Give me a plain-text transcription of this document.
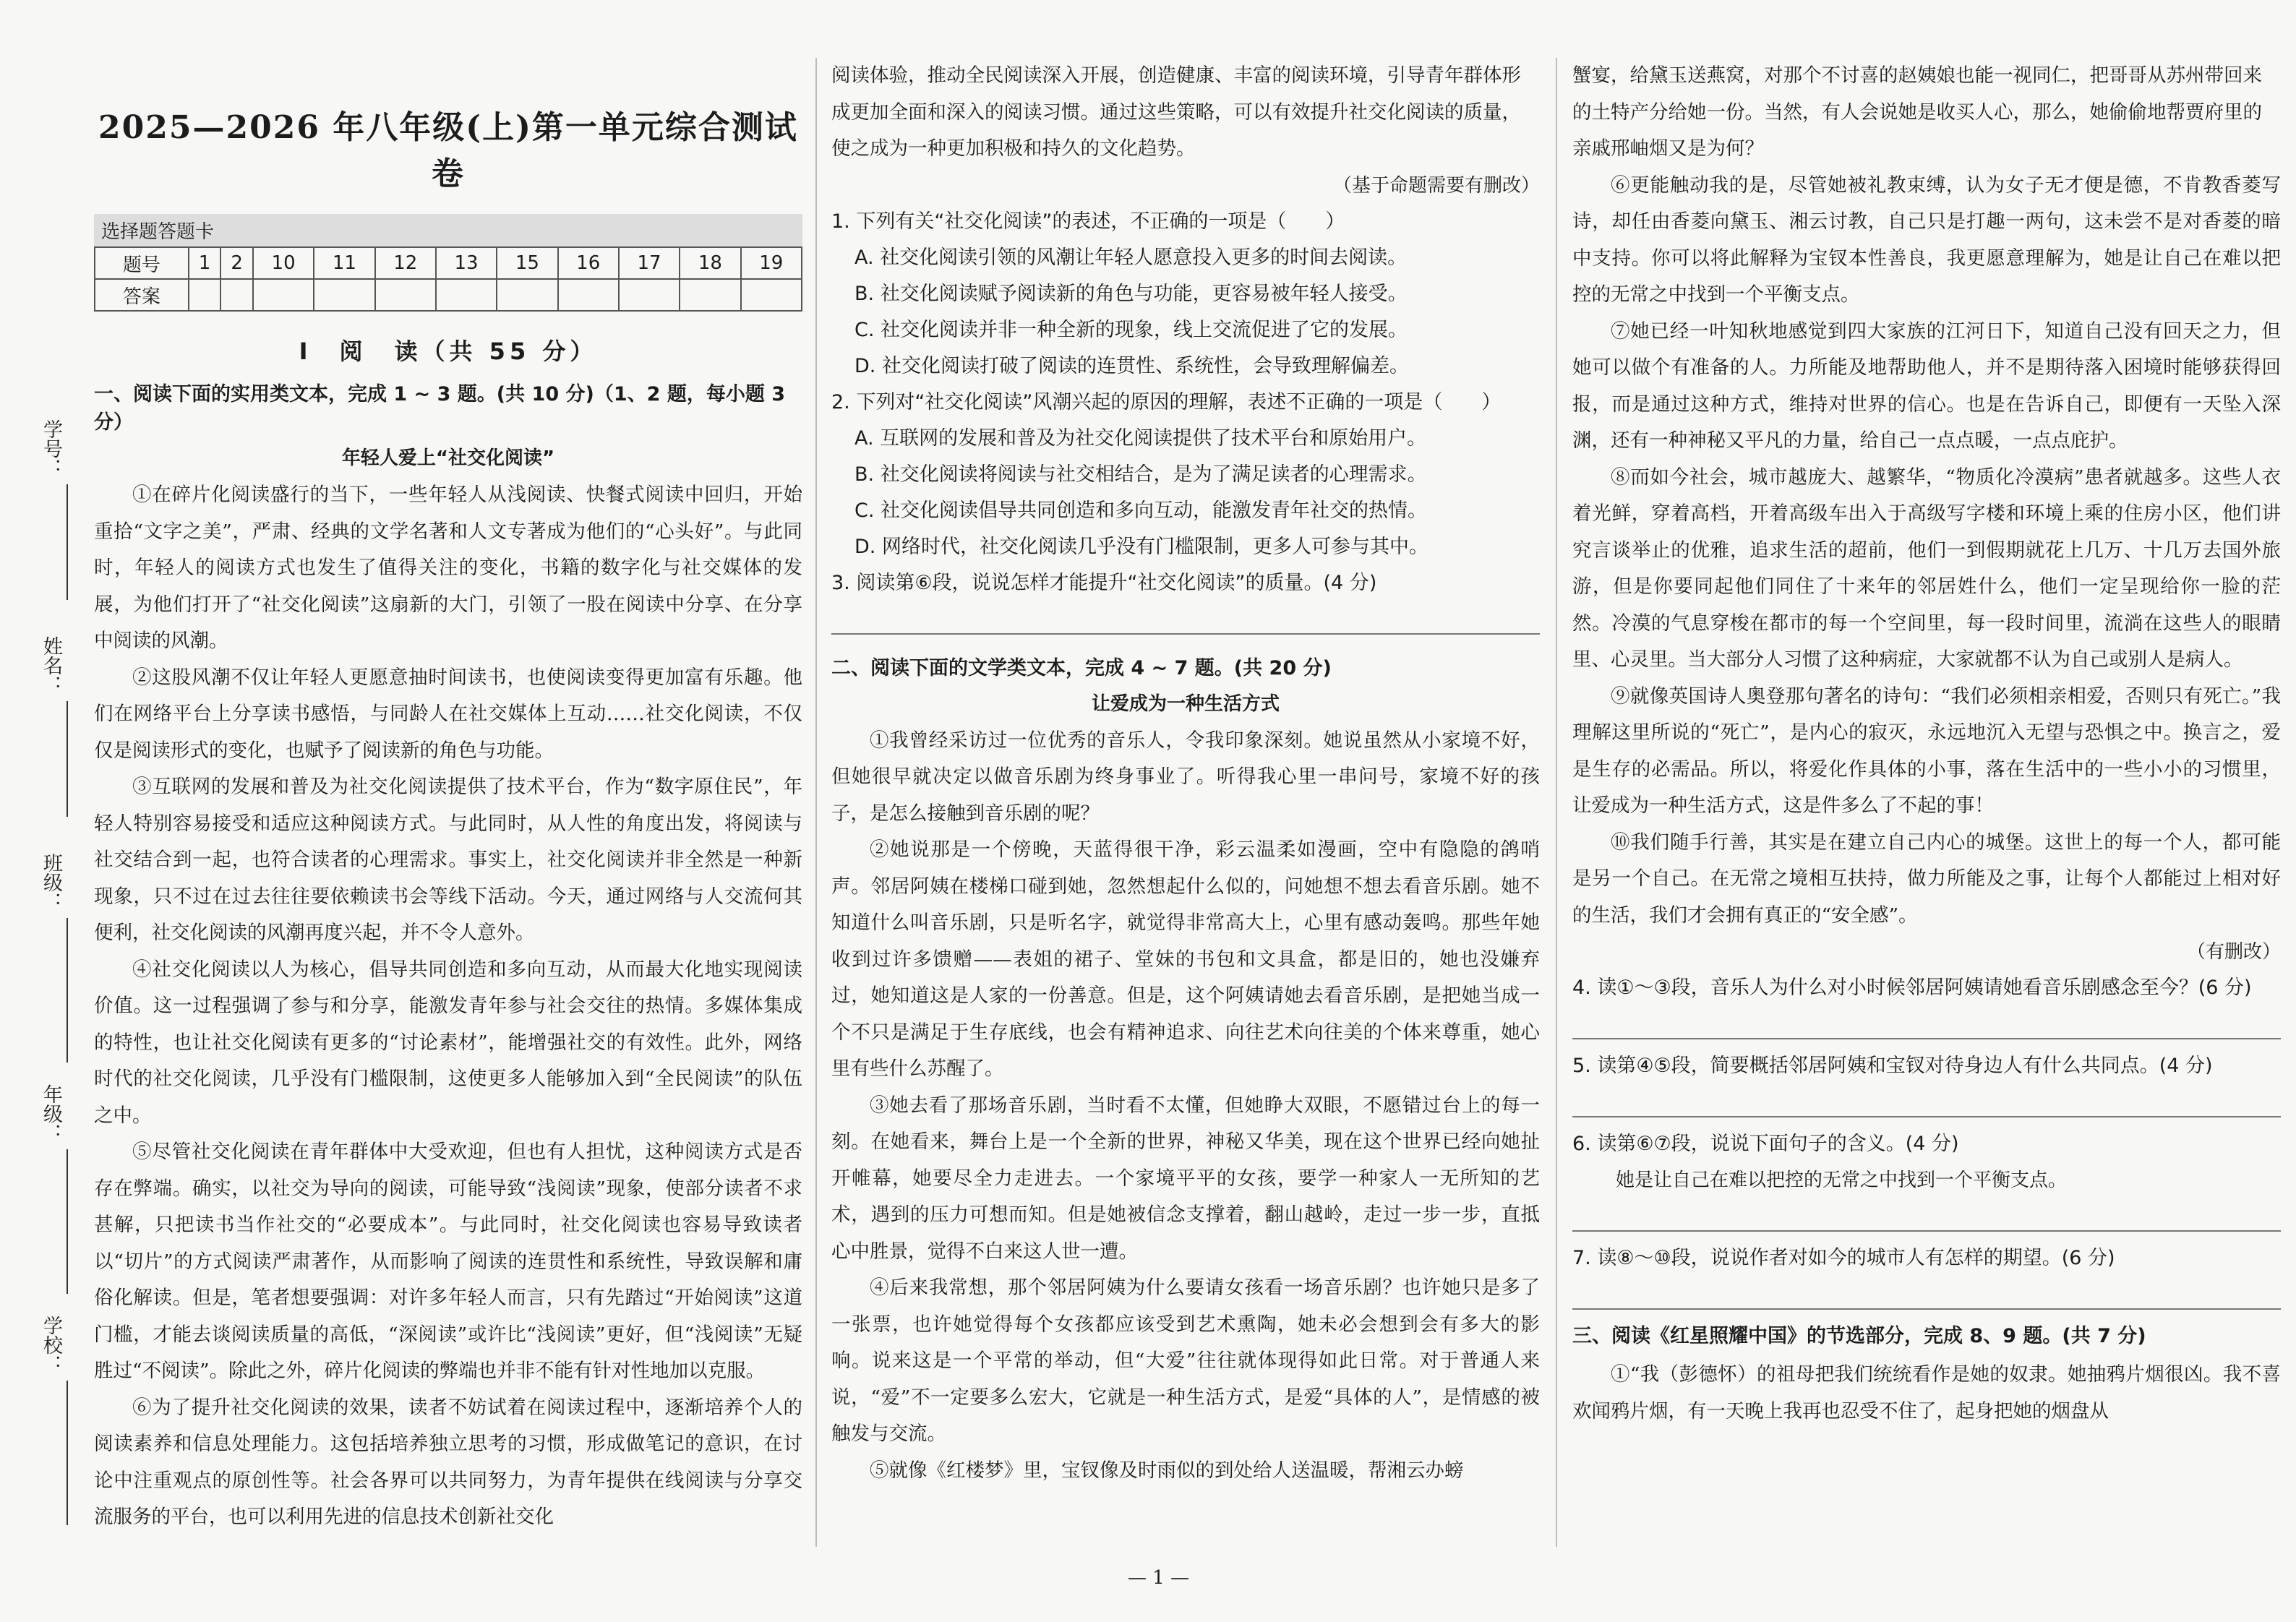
学号：
姓名：
班级：
年级：
学校：
2025—2026 年八年级(上)第一单元综合测试卷
选择题答题卡
题号	1	2	10	11	12	13	15	16	17	18	19
答案											
Ⅰ　阅　读（共 55 分）
一、阅读下面的实用类文本，完成 1 ~ 3 题。(共 10 分)（1、2 题，每小题 3 分）
年轻人爱上“社交化阅读”

①在碎片化阅读盛行的当下，一些年轻人从浅阅读、快餐式阅读中回归，开始重拾“文字之美”，严肃、经典的文学名著和人文专著成为他们的“心头好”。与此同时，年轻人的阅读方式也发生了值得关注的变化，书籍的数字化与社交媒体的发展，为他们打开了“社交化阅读”这扇新的大门，引领了一股在阅读中分享、在分享中阅读的风潮。

②这股风潮不仅让年轻人更愿意抽时间读书，也使阅读变得更加富有乐趣。他们在网络平台上分享读书感悟，与同龄人在社交媒体上互动……社交化阅读，不仅仅是阅读形式的变化，也赋予了阅读新的角色与功能。

③互联网的发展和普及为社交化阅读提供了技术平台，作为“数字原住民”，年轻人特别容易接受和适应这种阅读方式。与此同时，从人性的角度出发，将阅读与社交结合到一起，也符合读者的心理需求。事实上，社交化阅读并非全然是一种新现象，只不过在过去往往要依赖读书会等线下活动。今天，通过网络与人交流何其便利，社交化阅读的风潮再度兴起，并不令人意外。

④社交化阅读以人为核心，倡导共同创造和多向互动，从而最大化地实现阅读价值。这一过程强调了参与和分享，能激发青年参与社会交往的热情。多媒体集成的特性，也让社交化阅读有更多的“讨论素材”，能增强社交的有效性。此外，网络时代的社交化阅读，几乎没有门槛限制，这使更多人能够加入到“全民阅读”的队伍之中。

⑤尽管社交化阅读在青年群体中大受欢迎，但也有人担忧，这种阅读方式是否存在弊端。确实，以社交为导向的阅读，可能导致“浅阅读”现象，使部分读者不求甚解，只把读书当作社交的“必要成本”。与此同时，社交化阅读也容易导致读者以“切片”的方式阅读严肃著作，从而影响了阅读的连贯性和系统性，导致误解和庸俗化解读。但是，笔者想要强调：对许多年轻人而言，只有先踏过“开始阅读”这道门槛，才能去谈阅读质量的高低，“深阅读”或许比“浅阅读”更好，但“浅阅读”无疑胜过“不阅读”。除此之外，碎片化阅读的弊端也并非不能有针对性地加以克服。

⑥为了提升社交化阅读的效果，读者不妨试着在阅读过程中，逐渐培养个人的阅读素养和信息处理能力。这包括培养独立思考的习惯，形成做笔记的意识，在讨论中注重观点的原创性等。社会各界可以共同努力，为青年提供在线阅读与分享交流服务的平台，也可以利用先进的信息技术创新社交化

阅读体验，推动全民阅读深入开展，创造健康、丰富的阅读环境，引导青年群体形成更加全面和深入的阅读习惯。通过这些策略，可以有效提升社交化阅读的质量，使之成为一种更加积极和持久的文化趋势。

（基于命题需要有删改）

1. 下列有关“社交化阅读”的表述，不正确的一项是（　　）

A. 社交化阅读引领的风潮让年轻人愿意投入更多的时间去阅读。

B. 社交化阅读赋予阅读新的角色与功能，更容易被年轻人接受。

C. 社交化阅读并非一种全新的现象，线上交流促进了它的发展。

D. 社交化阅读打破了阅读的连贯性、系统性，会导致理解偏差。

2. 下列对“社交化阅读”风潮兴起的原因的理解，表述不正确的一项是（　　）

A. 互联网的发展和普及为社交化阅读提供了技术平台和原始用户。

B. 社交化阅读将阅读与社交相结合，是为了满足读者的心理需求。

C. 社交化阅读倡导共同创造和多向互动，能激发青年社交的热情。

D. 网络时代，社交化阅读几乎没有门槛限制，更多人可参与其中。

3. 阅读第⑥段，说说怎样才能提升“社交化阅读”的质量。(4 分)

二、阅读下面的文学类文本，完成 4 ~ 7 题。(共 20 分)
让爱成为一种生活方式

①我曾经采访过一位优秀的音乐人，令我印象深刻。她说虽然从小家境不好，但她很早就决定以做音乐剧为终身事业了。听得我心里一串问号，家境不好的孩子，是怎么接触到音乐剧的呢？

②她说那是一个傍晚，天蓝得很干净，彩云温柔如漫画，空中有隐隐的鸽哨声。邻居阿姨在楼梯口碰到她，忽然想起什么似的，问她想不想去看音乐剧。她不知道什么叫音乐剧，只是听名字，就觉得非常高大上，心里有感动轰鸣。那些年她收到过许多馈赠——表姐的裙子、堂妹的书包和文具盒，都是旧的，她也没嫌弃过，她知道这是人家的一份善意。但是，这个阿姨请她去看音乐剧，是把她当成一个不只是满足于生存底线，也会有精神追求、向往艺术向往美的个体来尊重，她心里有些什么苏醒了。

③她去看了那场音乐剧，当时看不太懂，但她睁大双眼，不愿错过台上的每一刻。在她看来，舞台上是一个全新的世界，神秘又华美，现在这个世界已经向她扯开帷幕，她要尽全力走进去。一个家境平平的女孩，要学一种家人一无所知的艺术，遇到的压力可想而知。但是她被信念支撑着，翻山越岭，走过一步一步，直抵心中胜景，觉得不白来这人世一遭。

④后来我常想，那个邻居阿姨为什么要请女孩看一场音乐剧？也许她只是多了一张票，也许她觉得每个女孩都应该受到艺术熏陶，她未必会想到会有多大的影响。说来这是一个平常的举动，但“大爱”往往就体现得如此日常。对于普通人来说，“爱”不一定要多么宏大，它就是一种生活方式，是爱“具体的人”，是情感的被触发与交流。

⑤就像《红楼梦》里，宝钗像及时雨似的到处给人送温暖，帮湘云办螃

蟹宴，给黛玉送燕窝，对那个不讨喜的赵姨娘也能一视同仁，把哥哥从苏州带回来的土特产分给她一份。当然，有人会说她是收买人心，那么，她偷偷地帮贾府里的亲戚邢岫烟又是为何？

⑥更能触动我的是，尽管她被礼教束缚，认为女子无才便是德，不肯教香菱写诗，却任由香菱向黛玉、湘云讨教，自己只是打趣一两句，这未尝不是对香菱的暗中支持。你可以将此解释为宝钗本性善良，我更愿意理解为，她是让自己在难以把控的无常之中找到一个平衡支点。

⑦她已经一叶知秋地感觉到四大家族的江河日下，知道自己没有回天之力，但她可以做个有准备的人。力所能及地帮助他人，并不是期待落入困境时能够获得回报，而是通过这种方式，维持对世界的信心。也是在告诉自己，即便有一天坠入深渊，还有一种神秘又平凡的力量，给自己一点点暖，一点点庇护。

⑧而如今社会，城市越庞大、越繁华，“物质化冷漠病”患者就越多。这些人衣着光鲜，穿着高档，开着高级车出入于高级写字楼和环境上乘的住房小区，他们讲究言谈举止的优雅，追求生活的超前，他们一到假期就花上几万、十几万去国外旅游，但是你要同起他们同住了十来年的邻居姓什么，他们一定呈现给你一脸的茫然。冷漠的气息穿梭在都市的每一个空间里，每一段时间里，流淌在这些人的眼睛里、心灵里。当大部分人习惯了这种病症，大家就都不认为自己或别人是病人。

⑨就像英国诗人奥登那句著名的诗句：“我们必须相亲相爱，否则只有死亡。”我理解这里所说的“死亡”，是内心的寂灭，永远地沉入无望与恐惧之中。换言之，爱是生存的必需品。所以，将爱化作具体的小事，落在生活中的一些小小的习惯里，让爱成为一种生活方式，这是件多么了不起的事！

⑩我们随手行善，其实是在建立自己内心的城堡。这世上的每一个人，都可能是另一个自己。在无常之境相互扶持，做力所能及之事，让每个人都能过上相对好的生活，我们才会拥有真正的“安全感”。

（有删改）

4. 读①～③段，音乐人为什么对小时候邻居阿姨请她看音乐剧感念至今？(6 分)

5. 读第④⑤段，简要概括邻居阿姨和宝钗对待身边人有什么共同点。(4 分)

6. 读第⑥⑦段，说说下面句子的含义。(4 分)

她是让自己在难以把控的无常之中找到一个平衡支点。

7. 读⑧～⑩段，说说作者对如今的城市人有怎样的期望。(6 分)

三、阅读《红星照耀中国》的节选部分，完成 8、9 题。(共 7 分)

①“我（彭德怀）的祖母把我们统统看作是她的奴隶。她抽鸦片烟很凶。我不喜欢闻鸦片烟，有一天晚上我再也忍受不住了，起身把她的烟盘从

— 1 —
